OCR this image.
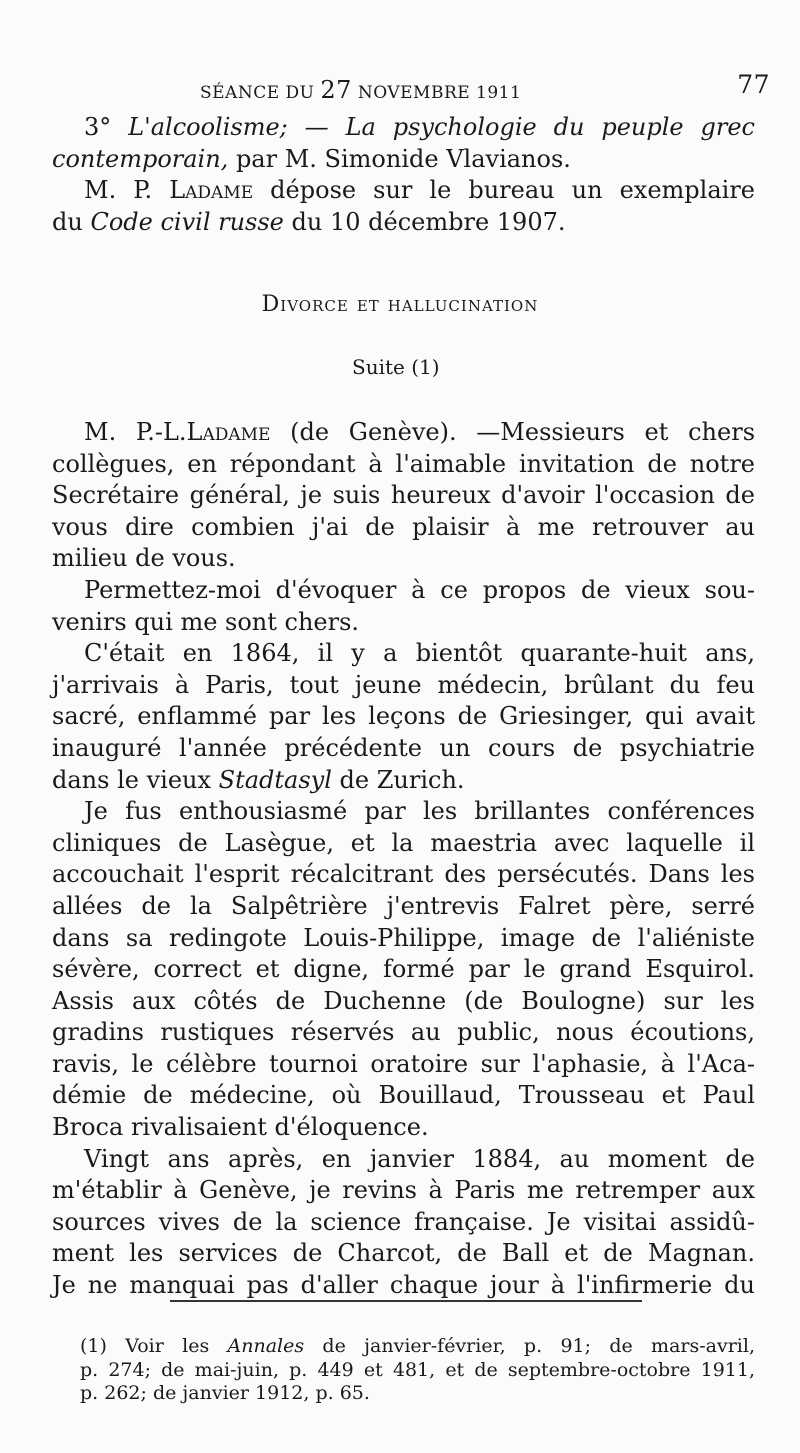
SÉANCE DU 27 NOVEMBRE 1911	77
3° L'alcoolisme; — La psychologie du peuple grec
contemporain, par M. Simonide Vlavianos.
M. P. Ladame dépose sur le bureau un exemplaire
du Code civil russe du 10 décembre 1907.
Divorce et hallucination
Suite (1)
M. P.-L.Ladame (de Genève). —Messieurs et chers
collègues, en répondant à l'aimable invitation de notre
Secrétaire général, je suis heureux d'avoir l'occasion de
vous dire combien j'ai de plaisir à me retrouver au
milieu de vous.
Permettez-moi d'évoquer à ce propos de vieux sou-
venirs qui me sont chers.
C'était en 1864, il y a bientôt quarante-huit ans,
j'arrivais à Paris, tout jeune médecin, brûlant du feu
sacré, enflammé par les leçons de Griesinger, qui avait
inauguré l'année précédente un cours de psychiatrie
dans le vieux Stadtasyl de Zurich.
Je fus enthousiasmé par les brillantes conférences
cliniques de Lasègue, et la maestria avec laquelle il
accouchait l'esprit récalcitrant des persécutés. Dans les
allées de la Salpêtrière j'entrevis Falret père, serré
dans sa redingote Louis-Philippe, image de l'aliéniste
sévère, correct et digne, formé par le grand Esquirol.
Assis aux côtés de Duchenne (de Boulogne) sur les
gradins rustiques réservés au public, nous écoutions,
ravis, le célèbre tournoi oratoire sur l'aphasie, à l'Aca-
démie de médecine, où Bouillaud, Trousseau et Paul
Broca rivalisaient d'éloquence.
Vingt ans après, en janvier 1884, au moment de
m'établir à Genève, je revins à Paris me retremper aux
sources vives de la science française. Je visitai assidû-
ment les services de Charcot, de Ball et de Magnan.
Je ne manquai pas d'aller chaque jour à l'infirmerie du
(1) Voir les Annales de janvier-février, p. 91; de mars-avril,
p. 274; de mai-juin, p. 449 et 481, et de septembre-octobre 1911,
p. 262; de janvier 1912, p. 65.
